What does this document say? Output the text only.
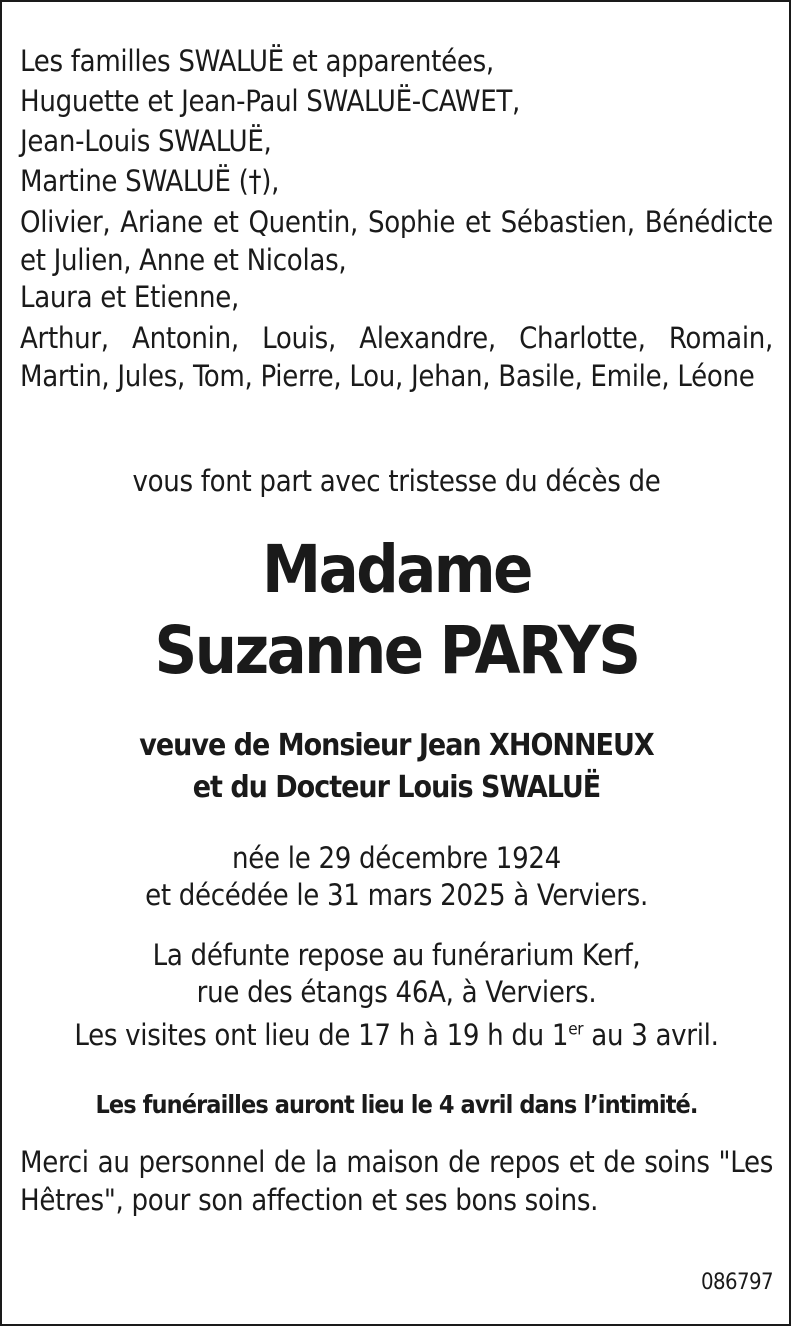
Les familles SWALUË et apparentées,
Huguette et Jean-Paul SWALUË-CAWET,
Jean-Louis SWALUË,
Martine SWALUË (†),
Olivier, Ariane et Quentin, Sophie et Sébastien, Bénédicte et Julien, Anne et Nicolas,
Laura et Etienne,
Arthur, Antonin, Louis, Alexandre, Charlotte, Romain, Martin, Jules, Tom, Pierre, Lou, Jehan, Basile, Emile, Léone
vous font part avec tristesse du décès de
Madame
Suzanne PARYS
veuve de Monsieur Jean XHONNEUX
et du Docteur Louis SWALUË
née le 29 décembre 1924
et décédée le 31 mars 2025 à Verviers.
La défunte repose au funérarium Kerf,
rue des étangs 46A, à Verviers.
Les visites ont lieu de 17 h à 19 h du 1er au 3 avril.
Les funérailles auront lieu le 4 avril dans l’intimité.
Merci au personnel de la maison de repos et de soins "Les Hêtres", pour son affection et ses bons soins.
086797
